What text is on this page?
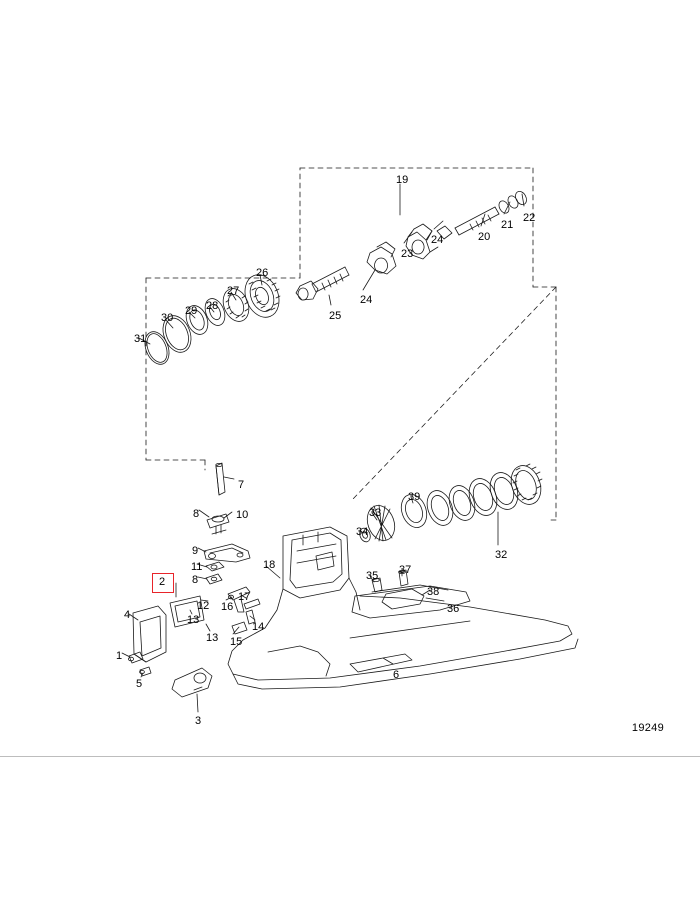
2
19
22
21
20
24
23
24
25
26
27
28
29
30
31
7
8	10
9
11
8
12
13
13 15
16
17
14
18
4
1
5
3
6
33
34
39
32
35 37
38
36
19249
